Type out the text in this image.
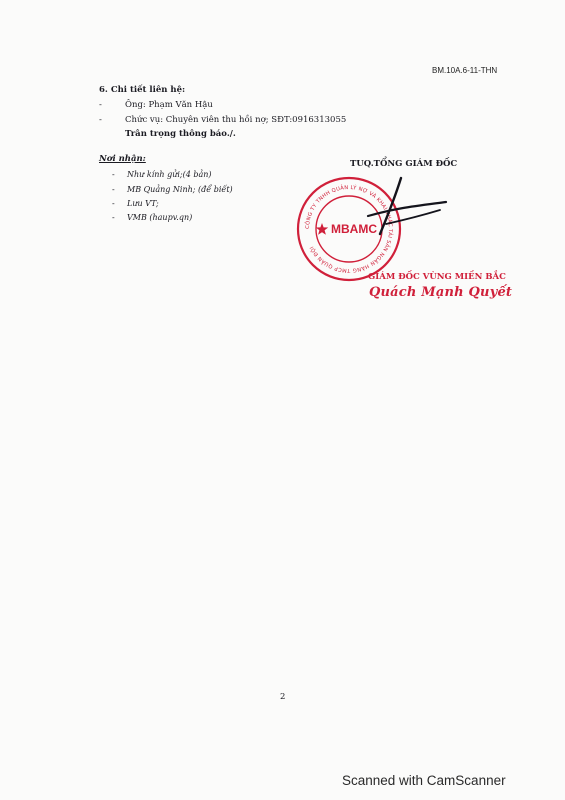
BM.10A.6-11-THN
6. Chi tiết liên hệ:
-	Ông: Phạm Văn Hậu
-	Chức vụ: Chuyên viên thu hồi nợ; SĐT:0916313055
Trân trọng thông báo./.
Nơi nhận:
- Như kính gửi;(4 bản)
- MB Quảng Ninh; (để biết)
- Lưu VT;
- VMB (haupv.qn)
TUQ.TỔNG GIÁM ĐỐC
CÔNG TY TNHH QUẢN LÝ NỢ VÀ KHAI THÁC TÀI SẢN NGÂN HÀNG TMCP QUÂN ĐỘI
MBAMC
GIÁM ĐỐC VÙNG MIỀN BẮC
Quách Mạnh Quyết
2
Scanned with CamScanner
